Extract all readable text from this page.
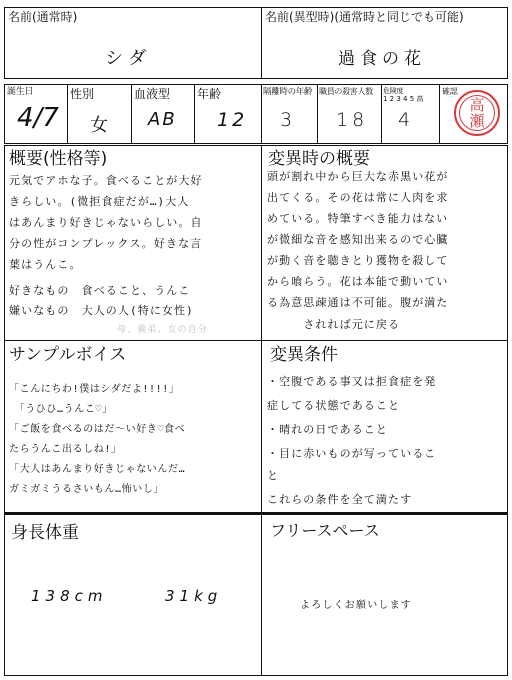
名前(通常時)
シダ
名前(異型時)(通常時と同じでも可能)
過食の花
誕生日
4/7
性別
女
血液型
AB
年齢
12
隔離時の年齢
3
職員の殺害人数
18
危険度
1 2 3 4 5 高
4
確認
高
瀬
概要(性格等)
元気でアホな子。食べることが大好
きらしい。(微拒食症だが…)大人
はあんまり好きじゃないらしい。自
分の性がコンプレックス。好きな言
葉はうんこ。
好きなもの　食べること、うんこ
嫌いなもの　大人の人(特に女性)
母、義弟、女の自分
変異時の概要
頭が割れ中から巨大な赤黒い花が
出てくる。その花は常に人肉を求
めている。特筆すべき能力はない
が微細な音を感知出来るので心臓
が動く音を聴きとり獲物を殺して
から喰らう。花は本能で動いてい
る為意思疎通は不可能。腹が満た
　　　されれば元に戻る
サンプルボイス
「こんにちわ!僕はシダだよ!!!!」
　「うひひ…うんこ♡」
「ご飯を食べるのはだ〜い好き♡食べ
たらうんこ出るしね!」
「大人はあんまり好きじゃないんだ…
ガミガミうるさいもん…怖いし」
変異条件
・空腹である事又は拒食症を発
症してる状態であること
・晴れの日であること
・目に赤いものが写っているこ
と
これらの条件を全て満たす
身長体重
138cm	31kg
フリースペース
よろしくお願いします
